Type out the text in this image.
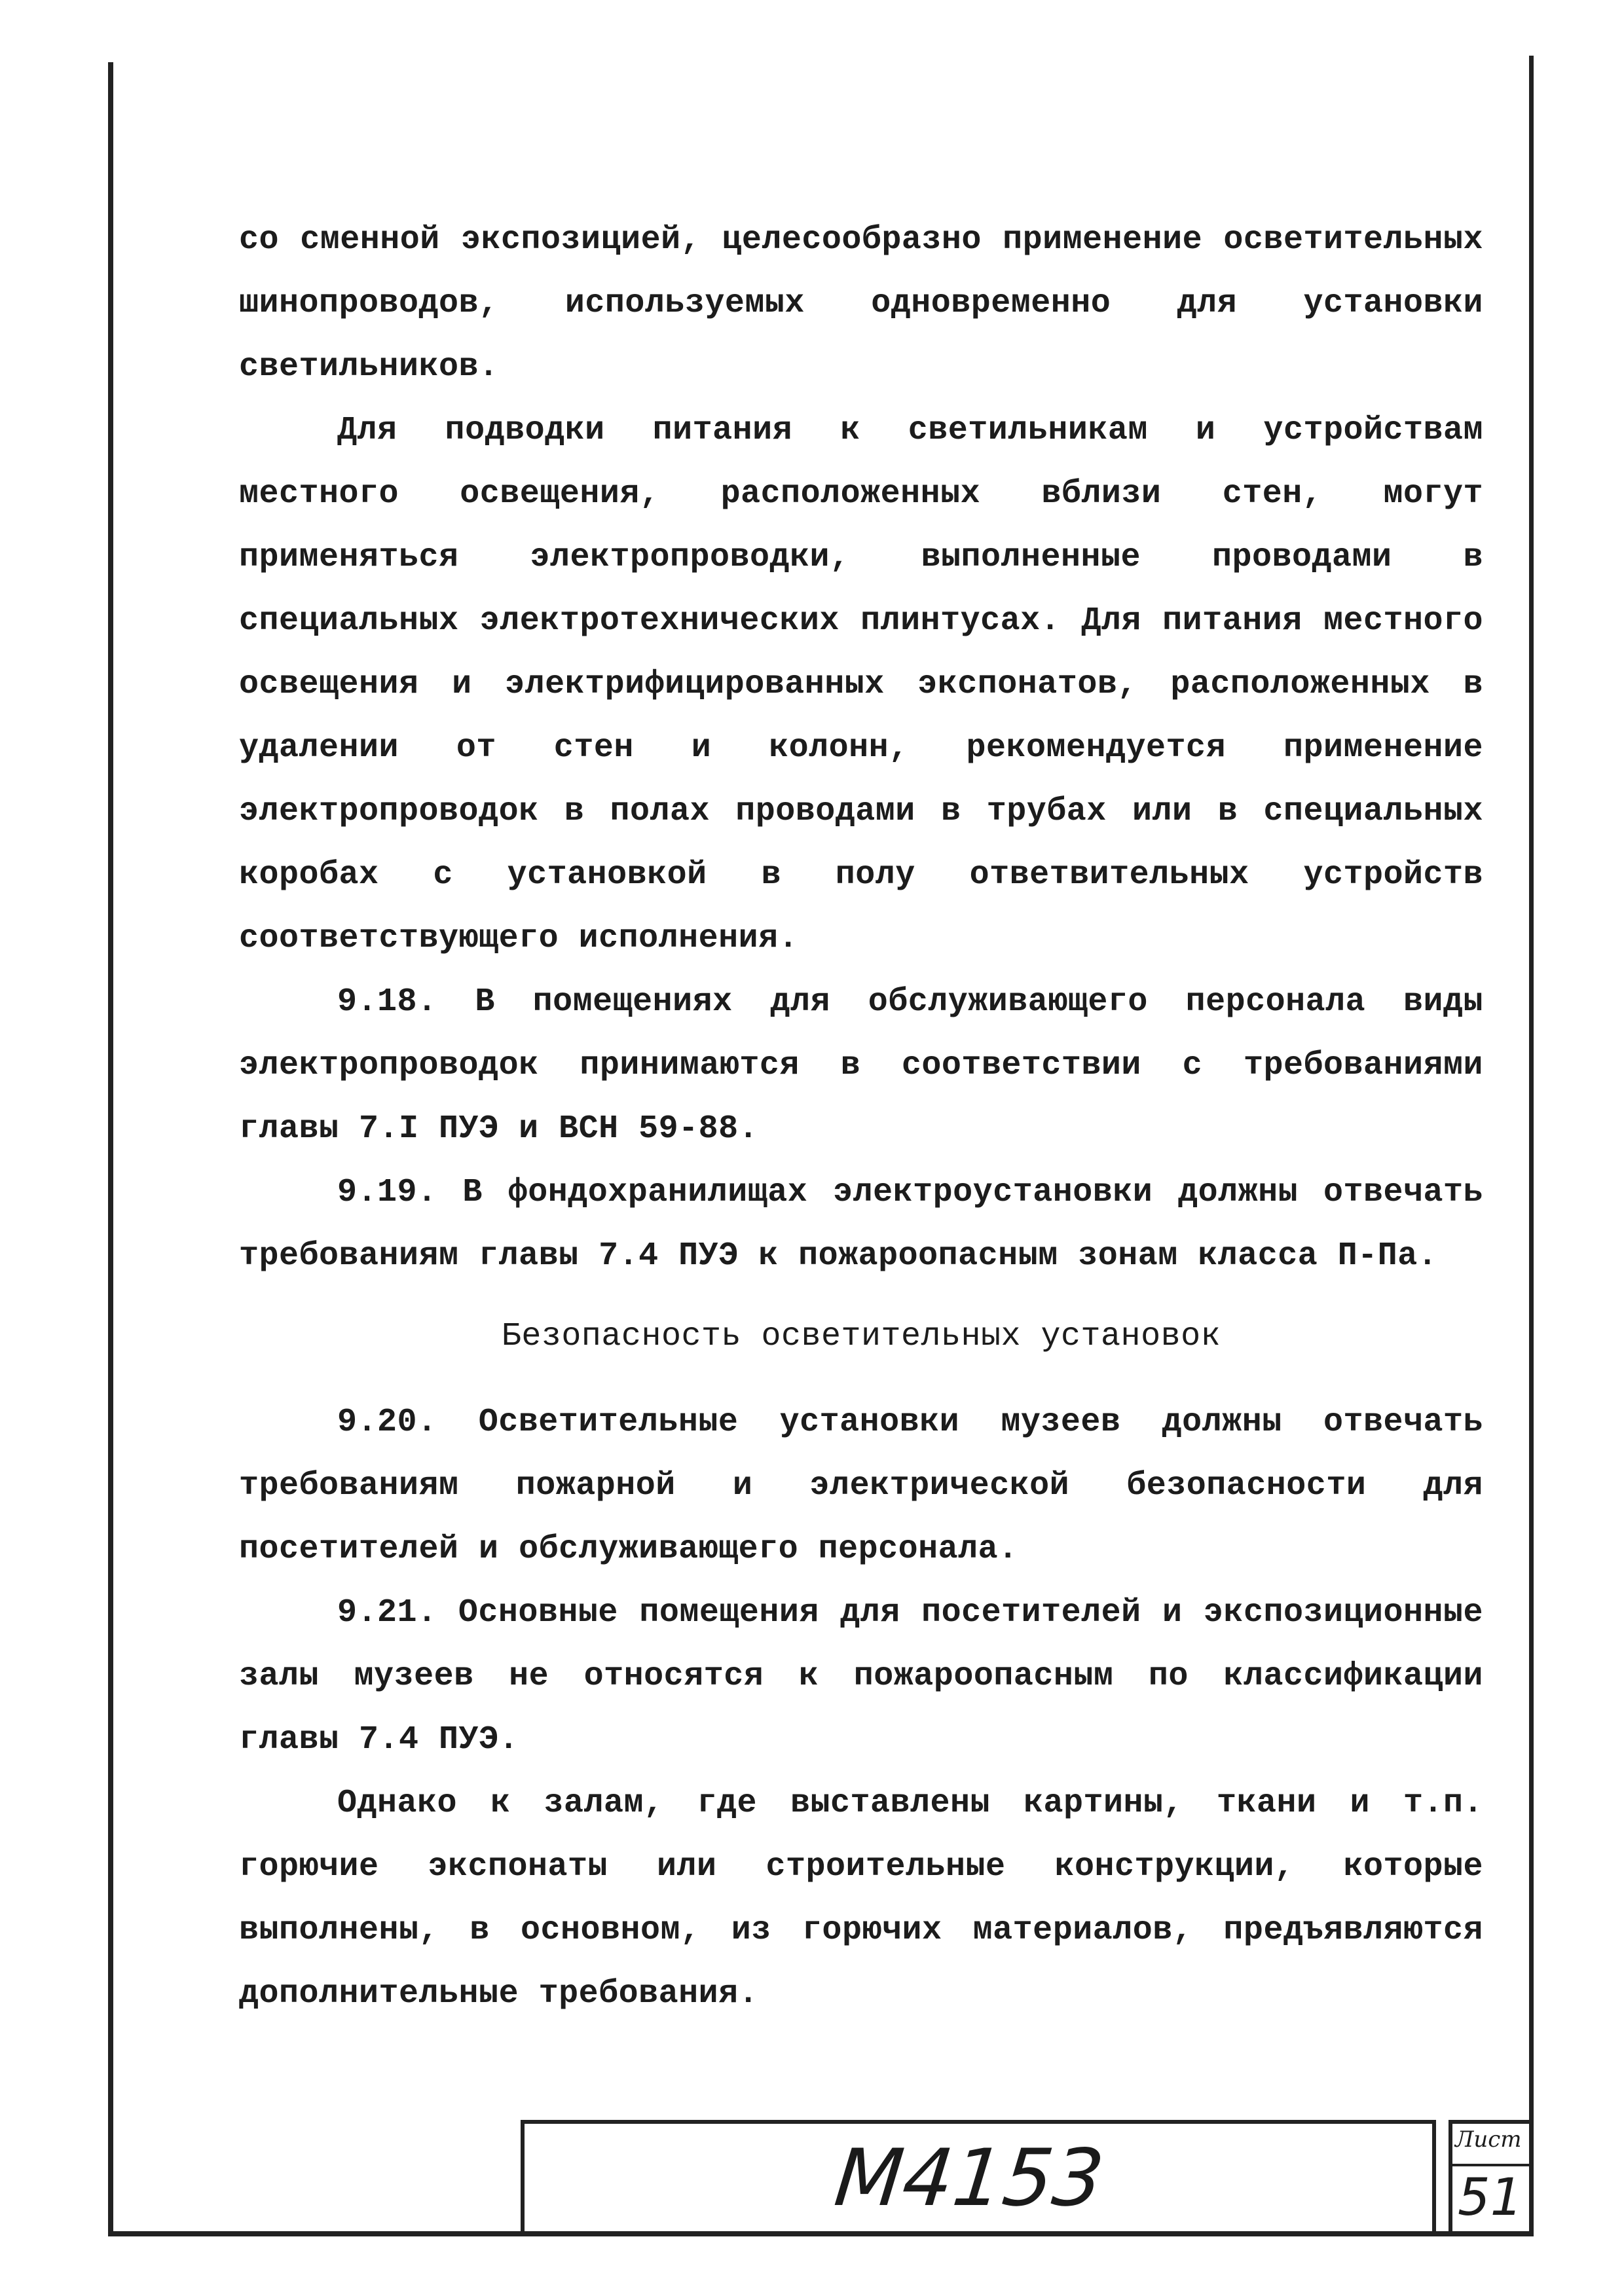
со сменной экспозицией, целесообразно применение осветительных шинопроводов, используемых одновременно для установки светильников.

Для подводки питания к светильникам и устройствам местного освещения, расположенных вблизи стен, могут применяться электропроводки, выполненные проводами в специальных электротехнических плинтусах. Для питания местного освещения и электрифицированных экспонатов, расположенных в удалении от стен и колонн, рекомендуется применение электропроводок в полах проводами в трубах или в специальных коробах с установкой в полу ответвительных устройств соответствующего исполнения.

9.18. В помещениях для обслуживающего персонала виды электропроводок принимаются в соответствии с требованиями главы 7.I ПУЭ и ВСН 59-88.

9.19. В фондохранилищах электроустановки должны отвечать требованиям главы 7.4 ПУЭ к пожароопасным зонам класса П-Па.

Безопасность осветительных установок

9.20. Осветительные установки музеев должны отвечать требованиям пожарной и электрической безопасности для посетителей и обслуживающего персонала.

9.21. Основные помещения для посетителей и экспозиционные залы музеев не относятся к пожароопасным по классификации главы 7.4 ПУЭ.

Однако к залам, где выставлены картины, ткани и т.п. горючие экспонаты или строительные конструкции, которые выполнены, в основном, из горючих материалов, предъявляются дополнительные требования.

М4153	Лист
51
